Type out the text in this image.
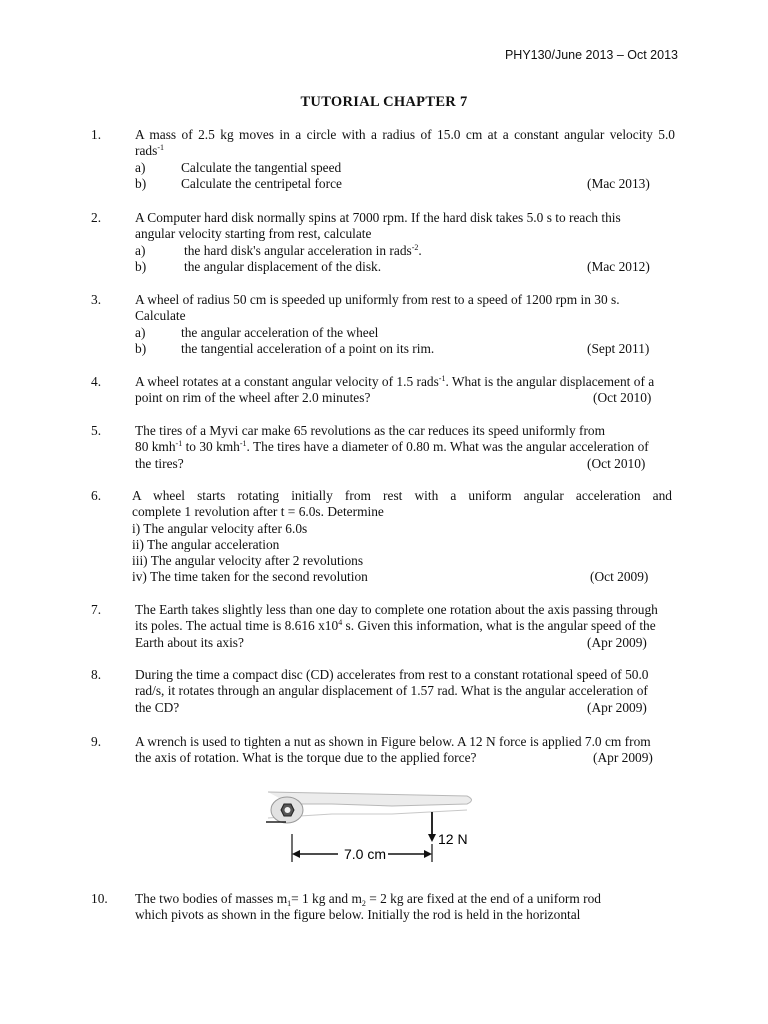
PHY130/June 2013 – Oct 2013
TUTORIAL CHAPTER 7
1.	A mass of 2.5 kg moves in a circle with a radius of 15.0 cm at a constant angular velocity 5.0
rads$^{-1}$
a)	Calculate the tangential speed
b)	Calculate the centripetal force	(Mac 2013)
2.	A Computer hard disk normally spins at 7000 rpm. If the hard disk takes 5.0 s to reach this
angular velocity starting from rest, calculate
a)	the hard disk's angular acceleration in rads$^{-2}$.
b)	the angular displacement of the disk.	(Mac 2012)
3.	A wheel of radius 50 cm is speeded up uniformly from rest to a speed of 1200 rpm in 30 s.
Calculate
a)	the angular acceleration of the wheel
b)	the tangential acceleration of a point on its rim.	(Sept 2011)
4.	A wheel rotates at a constant angular velocity of 1.5 rads$^{-1}$. What is the angular displacement of a
point on rim of the wheel after 2.0 minutes?	(Oct 2010)
5.	The tires of a Myvi car make 65 revolutions as the car reduces its speed uniformly from
80 kmh$^{-1}$ to 30 kmh$^{-1}$. The tires have a diameter of 0.80 m. What was the angular acceleration of
the tires?	(Oct 2010)
6. A wheel starts rotating initially from rest with a uniform angular acceleration and
complete 1 revolution after t = 6.0s. Determine
i) The angular velocity after 6.0s
ii) The angular acceleration
iii) The angular velocity after 2 revolutions
iv) The time taken for the second revolution	(Oct 2009)
7.	The Earth takes slightly less than one day to complete one rotation about the axis passing through
its poles. The actual time is 8.616 $x10^4$ s. Given this information, what is the angular speed of the
Earth about its axis?	(Apr 2009)
8.	During the time a compact disc (CD) accelerates from rest to a constant rotational speed of 50.0
rad/s, it rotates through an angular displacement of 1.57 rad. What is the angular acceleration of
the CD?	(Apr 2009)
9.	A wrench is used to tighten a nut as shown in Figure below. A 12 N force is applied 7.0 cm from
the axis of rotation. What is the torque due to the applied force?	(Apr 2009)
12 N
7.0 cm
10. The two bodies of masses $m_1= 1$ kg and $m_2 = 2$ kg are fixed at the end of a uniform rod
which pivots as shown in the figure below. Initially the rod is held in the horizontal
